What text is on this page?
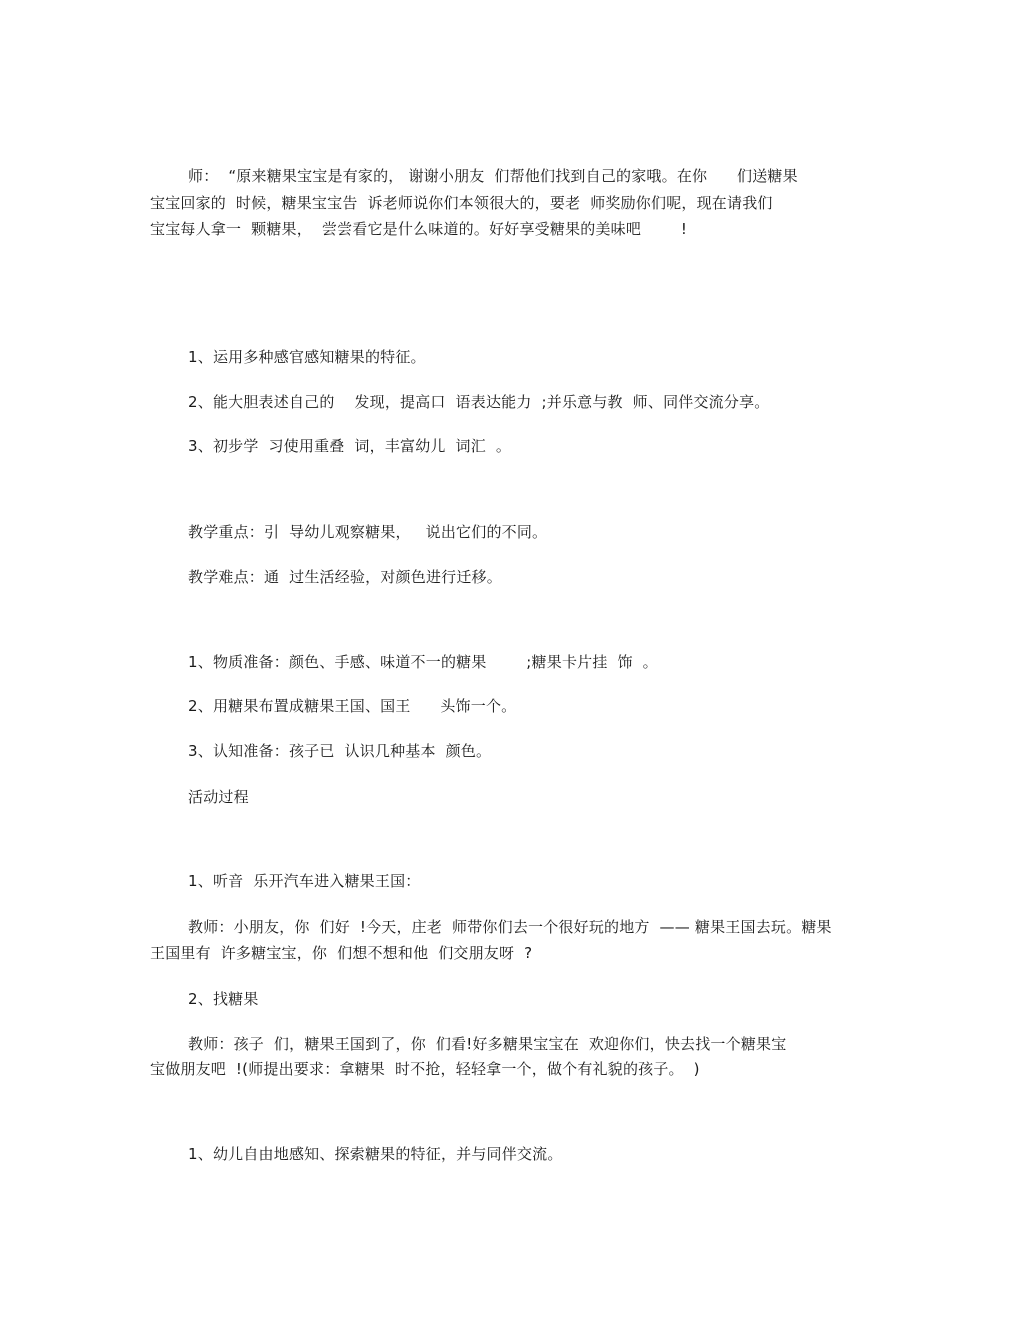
师：  “原来糖果宝宝是有家的， 谢谢小朋友  们帮他们找到自己的家哦。在你      们送糖果
宝宝回家的  时候，糖果宝宝告  诉老师说你们本领很大的，要老  师奖励你们呢，现在请我们
宝宝每人拿一  颗糖果，  尝尝看它是什么味道的。好好享受糖果的美味吧        !
1、运用多种感官感知糖果的特征。
2、能大胆表述自己的    发现，提高口  语表达能力  ;并乐意与教  师、同伴交流分享。
3、初步学  习使用重叠  词，丰富幼儿  词汇  。
教学重点：引  导幼儿观察糖果，   说出它们的不同。
教学难点：通  过生活经验，对颜色进行迁移。
1、物质准备：颜色、手感、味道不一的糖果        ;糖果卡片挂  饰  。
2、用糖果布置成糖果王国、国王      头饰一个。
3、认知准备：孩子已  认识几种基本  颜色。
活动过程
1、听音  乐开汽车进入糖果王国：
教师：小朋友，你  们好  !今天，庄老  师带你们去一个很好玩的地方  —— 糖果王国去玩。糖果
王国里有  许多糖宝宝，你  们想不想和他  们交朋友呀  ?
2、找糖果
教师：孩子  们，糖果王国到了，你  们看!好多糖果宝宝在  欢迎你们，快去找一个糖果宝
宝做朋友吧  !(师提出要求：拿糖果  时不抢，轻轻拿一个，做个有礼貌的孩子。  )
1、幼儿自由地感知、探索糖果的特征，并与同伴交流。
